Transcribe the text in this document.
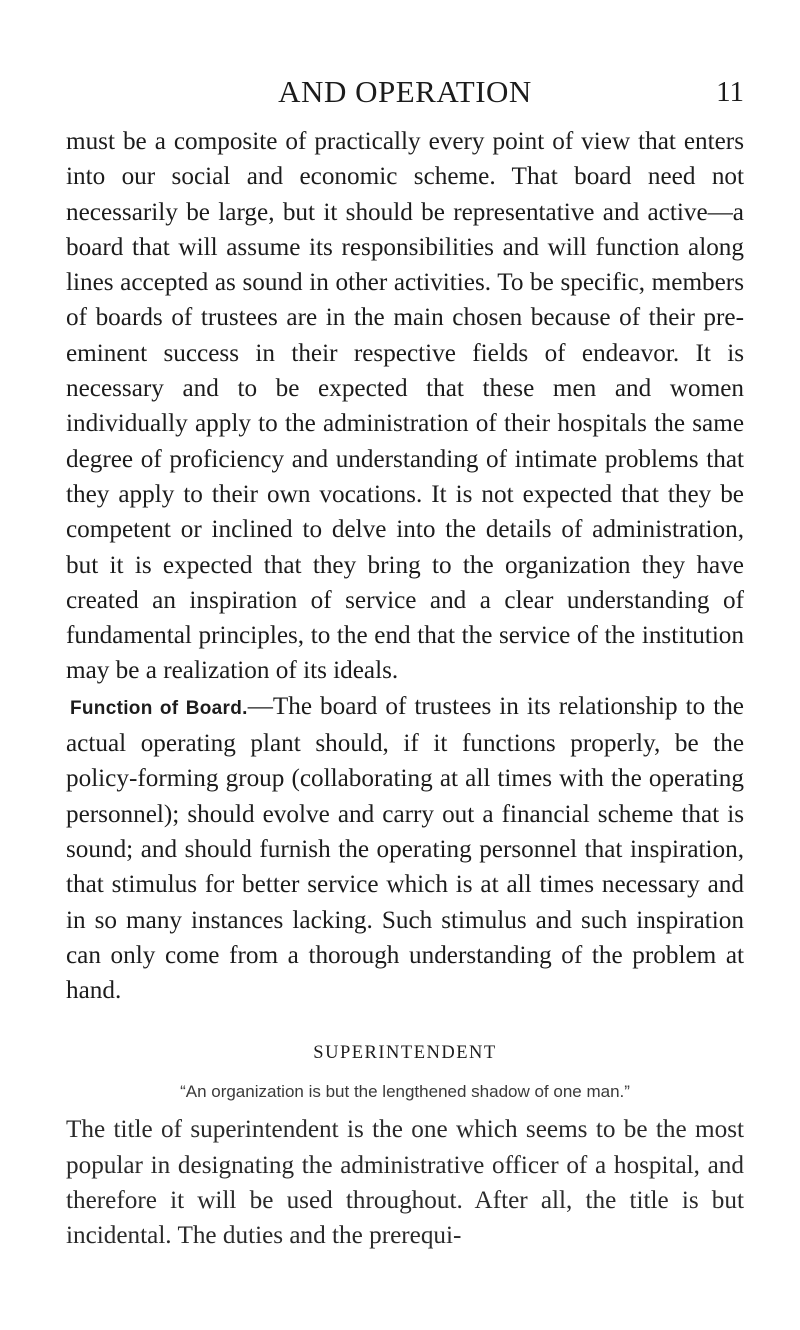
AND OPERATION	11

must be a composite of practically every point of view that enters into our social and economic scheme. That board need not necessarily be large, but it should be representative and active—a board that will assume its responsibilities and will function along lines accepted as sound in other activities. To be specific, members of boards of trustees are in the main chosen because of their pre-eminent success in their respective fields of endeavor. It is necessary and to be expected that these men and women individually apply to the administration of their hospitals the same degree of proficiency and understanding of intimate problems that they apply to their own vocations. It is not expected that they be competent or inclined to delve into the details of administration, but it is expected that they bring to the organization they have created an inspiration of service and a clear understanding of fundamental principles, to the end that the service of the institution may be a realization of its ideals.

Function of Board.—The board of trustees in its relationship to the actual operating plant should, if it functions properly, be the policy-forming group (collaborating at all times with the operating personnel); should evolve and carry out a financial scheme that is sound; and should furnish the operating personnel that inspiration, that stimulus for better service which is at all times necessary and in so many instances lacking. Such stimulus and such inspiration can only come from a thorough understanding of the problem at hand.

SUPERINTENDENT
“An organization is but the lengthened shadow of one man.”

The title of superintendent is the one which seems to be the most popular in designating the administrative officer of a hospital, and therefore it will be used throughout. After all, the title is but incidental. The duties and the prerequi-
